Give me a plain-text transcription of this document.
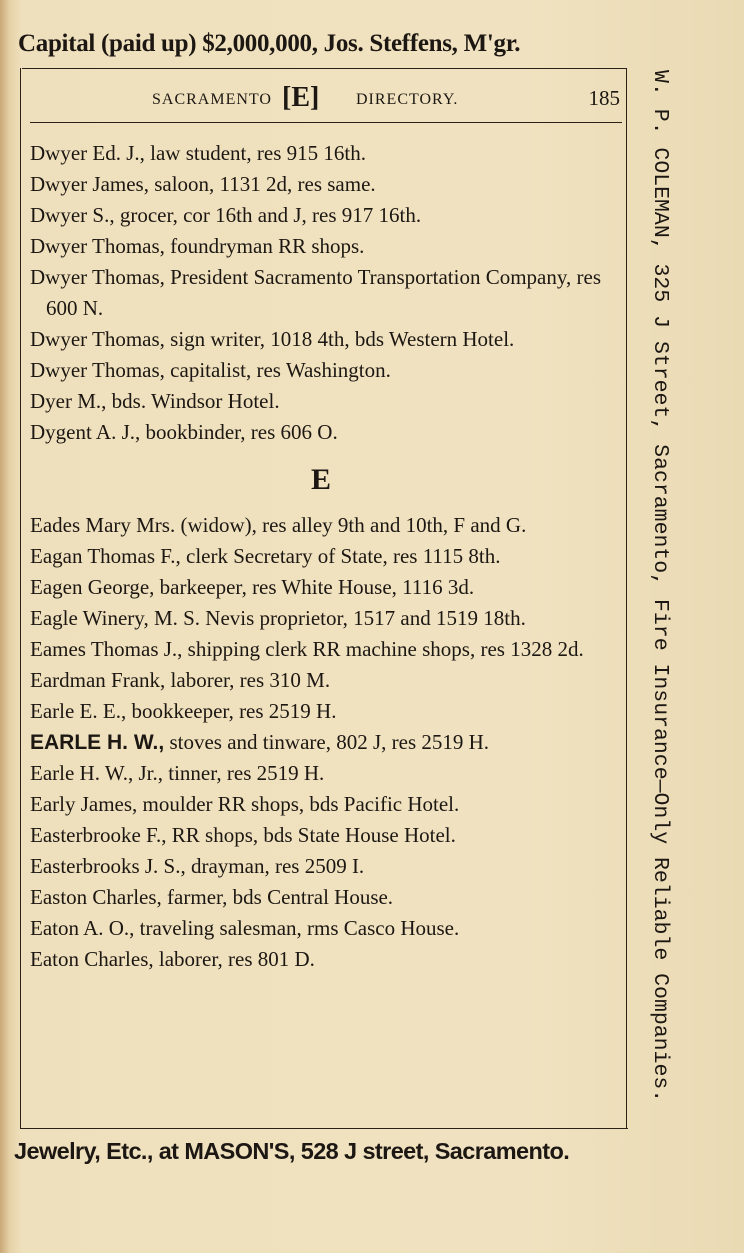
Capital (paid up) $2,000,000, Jos. Steffens, M'gr.
SACRAMENTO [E] DIRECTORY.	185

Dwyer Ed. J., law student, res 915 16th.

Dwyer James, saloon, 1131 2d, res same.

Dwyer S., grocer, cor 16th and J, res 917 16th.

Dwyer Thomas, foundryman RR shops.

Dwyer Thomas, President Sacramento Transportation Company, res 600 N.

Dwyer Thomas, sign writer, 1018 4th, bds Western Hotel.

Dwyer Thomas, capitalist, res Washington.

Dyer M., bds. Windsor Hotel.

Dygent A. J., bookbinder, res 606 O.

E

Eades Mary Mrs. (widow), res alley 9th and 10th, F and G.

Eagan Thomas F., clerk Secretary of State, res 1115 8th.

Eagen George, barkeeper, res White House, 1116 3d.

Eagle Winery, M. S. Nevis proprietor, 1517 and 1519 18th.

Eames Thomas J., shipping clerk RR machine shops, res 1328 2d.

Eardman Frank, laborer, res 310 M.

Earle E. E., bookkeeper, res 2519 H.

EARLE H. W., stoves and tinware, 802 J, res 2519 H.

Earle H. W., Jr., tinner, res 2519 H.

Early James, moulder RR shops, bds Pacific Hotel.

Easterbrooke F., RR shops, bds State House Hotel.

Easterbrooks J. S., drayman, res 2509 I.

Easton Charles, farmer, bds Central House.

Eaton A. O., traveling salesman, rms Casco House.

Eaton Charles, laborer, res 801 D.	W. P. COLEMAN, 325 J Street, Sacramento, Fire Insurance—Only Reliable Companies.
Jewelry, Etc., at MASON'S, 528 J street, Sacramento.
